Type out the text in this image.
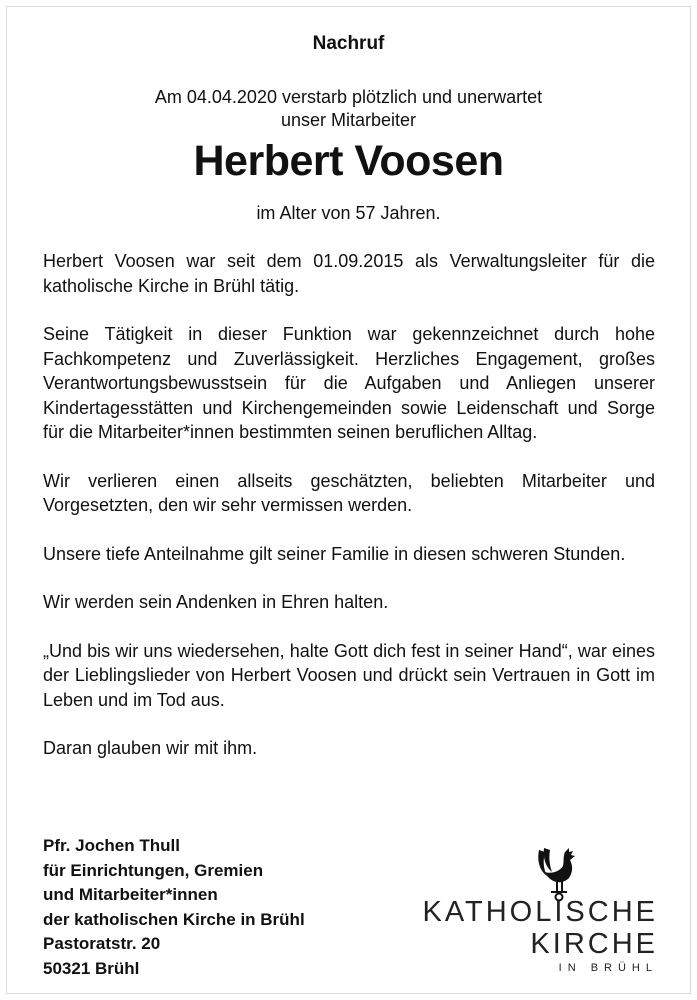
Nachruf
Am 04.04.2020 verstarb plötzlich und unerwartet
unser Mitarbeiter
Herbert Voosen
im Alter von 57 Jahren.

Herbert Voosen war seit dem 01.09.2015 als Verwaltungsleiter für die katholische Kirche in Brühl tätig.

Seine Tätigkeit in dieser Funktion war gekennzeichnet durch hohe Fachkompetenz und Zuverlässigkeit. Herzliches Engagement, großes Verantwortungsbewusstsein für die Aufgaben und Anliegen unserer Kindertagesstätten und Kirchengemeinden sowie Leidenschaft und Sorge für die Mitarbeiter*innen bestimmten seinen beruflichen Alltag.

Wir verlieren einen allseits geschätzten, beliebten Mitarbeiter und Vorgesetzten, den wir sehr vermissen werden.

Unsere tiefe Anteilnahme gilt seiner Familie in diesen schweren Stunden.

Wir werden sein Andenken in Ehren halten.

„Und bis wir uns wiedersehen, halte Gott dich fest in seiner Hand“, war eines der Lieblingslieder von Herbert Voosen und drückt sein Vertrauen in Gott im Leben und im Tod aus.

Daran glauben wir mit ihm.

Pfr. Jochen Thull
für Einrichtungen, Gremien
und Mitarbeiter*innen
der katholischen Kirche in Brühl
Pastoratstr. 20
50321 Brühl
KATHOLISCHE
KIRCHE
IN BRÜHL
